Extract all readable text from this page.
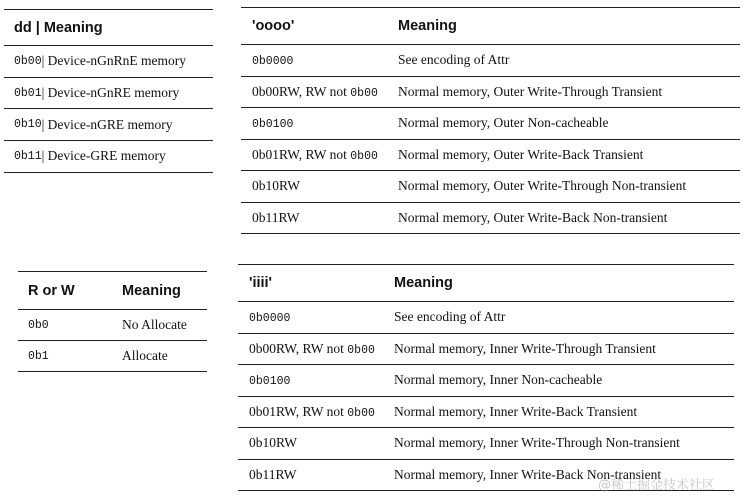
dd | Meaning
0b00 | Device-nGnRnE memory
0b01 | Device-nGnRE memory
0b10 | Device-nGRE memory
0b11 | Device-GRE memory
'oooo'	Meaning
0b0000	See encoding of Attr
0b00RW, RW not 0b00	Normal memory, Outer Write-Through Transient
0b0100	Normal memory, Outer Non-cacheable
0b01RW, RW not 0b00	Normal memory, Outer Write-Back Transient
0b10RW	Normal memory, Outer Write-Through Non-transient
0b11RW	Normal memory, Outer Write-Back Non-transient
R or W	Meaning
0b0	No Allocate
0b1	Allocate
'iiii'	Meaning
0b0000	See encoding of Attr
0b00RW, RW not 0b00	Normal memory, Inner Write-Through Transient
0b0100	Normal memory, Inner Non-cacheable
0b01RW, RW not 0b00	Normal memory, Inner Write-Back Transient
0b10RW	Normal memory, Inner Write-Through Non-transient
0b11RW	Normal memory, Inner Write-Back Non-transient
@稀土掘金技术社区
